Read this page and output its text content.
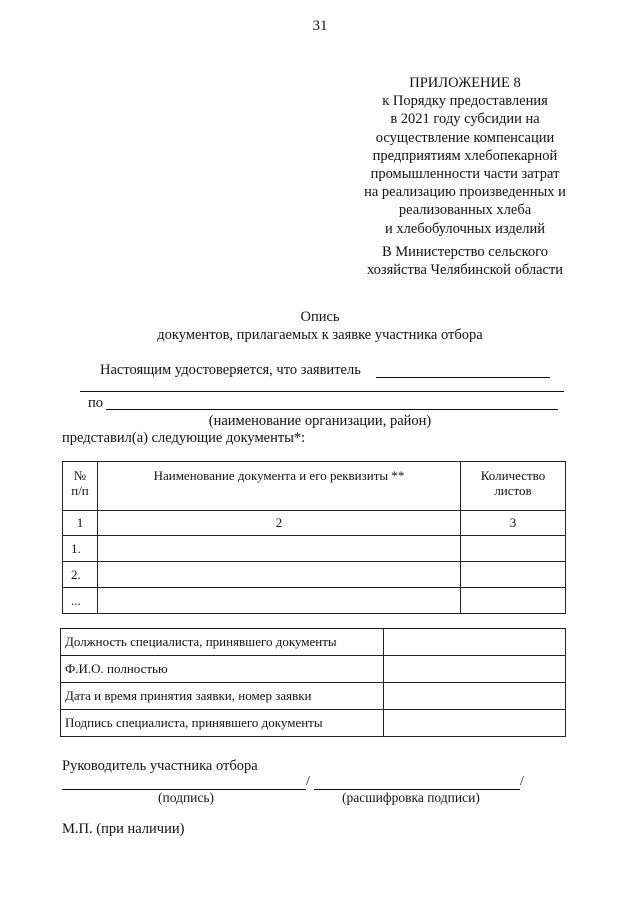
31
ПРИЛОЖЕНИЕ 8
к Порядку предоставления
в 2021 году субсидии на
осуществление компенсации
предприятиям хлебопекарной
промышленности части затрат
на реализацию произведенных и
реализованных хлеба
и хлебобулочных изделий
В Министерство сельского
хозяйства Челябинской области
Опись
документов, прилагаемых к заявке участника отбора
Настоящим удостоверяется, что заявитель
по
(наименование организации, район)
представил(а) следующие документы*:
№ п/п	Наименование документа и его реквизиты **	Количество листов
1	2	3
1.		
2.		
...		
Должность специалиста, принявшего документы	
Ф.И.О. полностью	
Дата и время принятия заявки, номер заявки	
Подпись специалиста, принявшего документы	
Руководитель участника отбора
/	/
(подпись)	(расшифровка подписи)
М.П. (при наличии)
